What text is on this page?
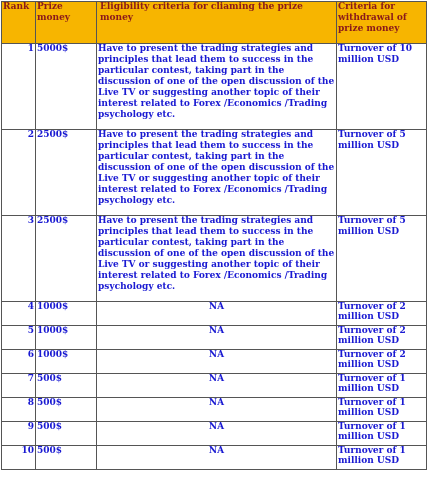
Rank	Prize money	Eligibility criteria for cliaming the prize money	Criteria for withdrawal of prize money
1	5000$	Have to present the trading strategies and principles that lead them to success in the particular contest, taking part in the discussion of one of the open discussion of the Live TV or suggesting another topic of their interest related to Forex /Economics /Trading psychology etc.	Turnover of 10 million USD
2	2500$	Have to present the trading strategies and principles that lead them to success in the particular contest, taking part in the discussion of one of the open discussion of the Live TV or suggesting another topic of their interest related to Forex /Economics /Trading psychology etc.	Turnover of 5 million USD
3	2500$	Have to present the trading strategies and principles that lead them to success in the particular contest, taking part in the discussion of one of the open discussion of the Live TV or suggesting another topic of their interest related to Forex /Economics /Trading psychology etc.	Turnover of 5 million USD
4	1000$	NA	Turnover of 2 million USD
5	1000$	NA	Turnover of 2 million USD
6	1000$	NA	Turnover of 2 million USD
7	500$	NA	Turnover of 1 million USD
8	500$	NA	Turnover of 1 million USD
9	500$	NA	Turnover of 1 million USD
10	500$	NA	Turnover of 1 million USD
